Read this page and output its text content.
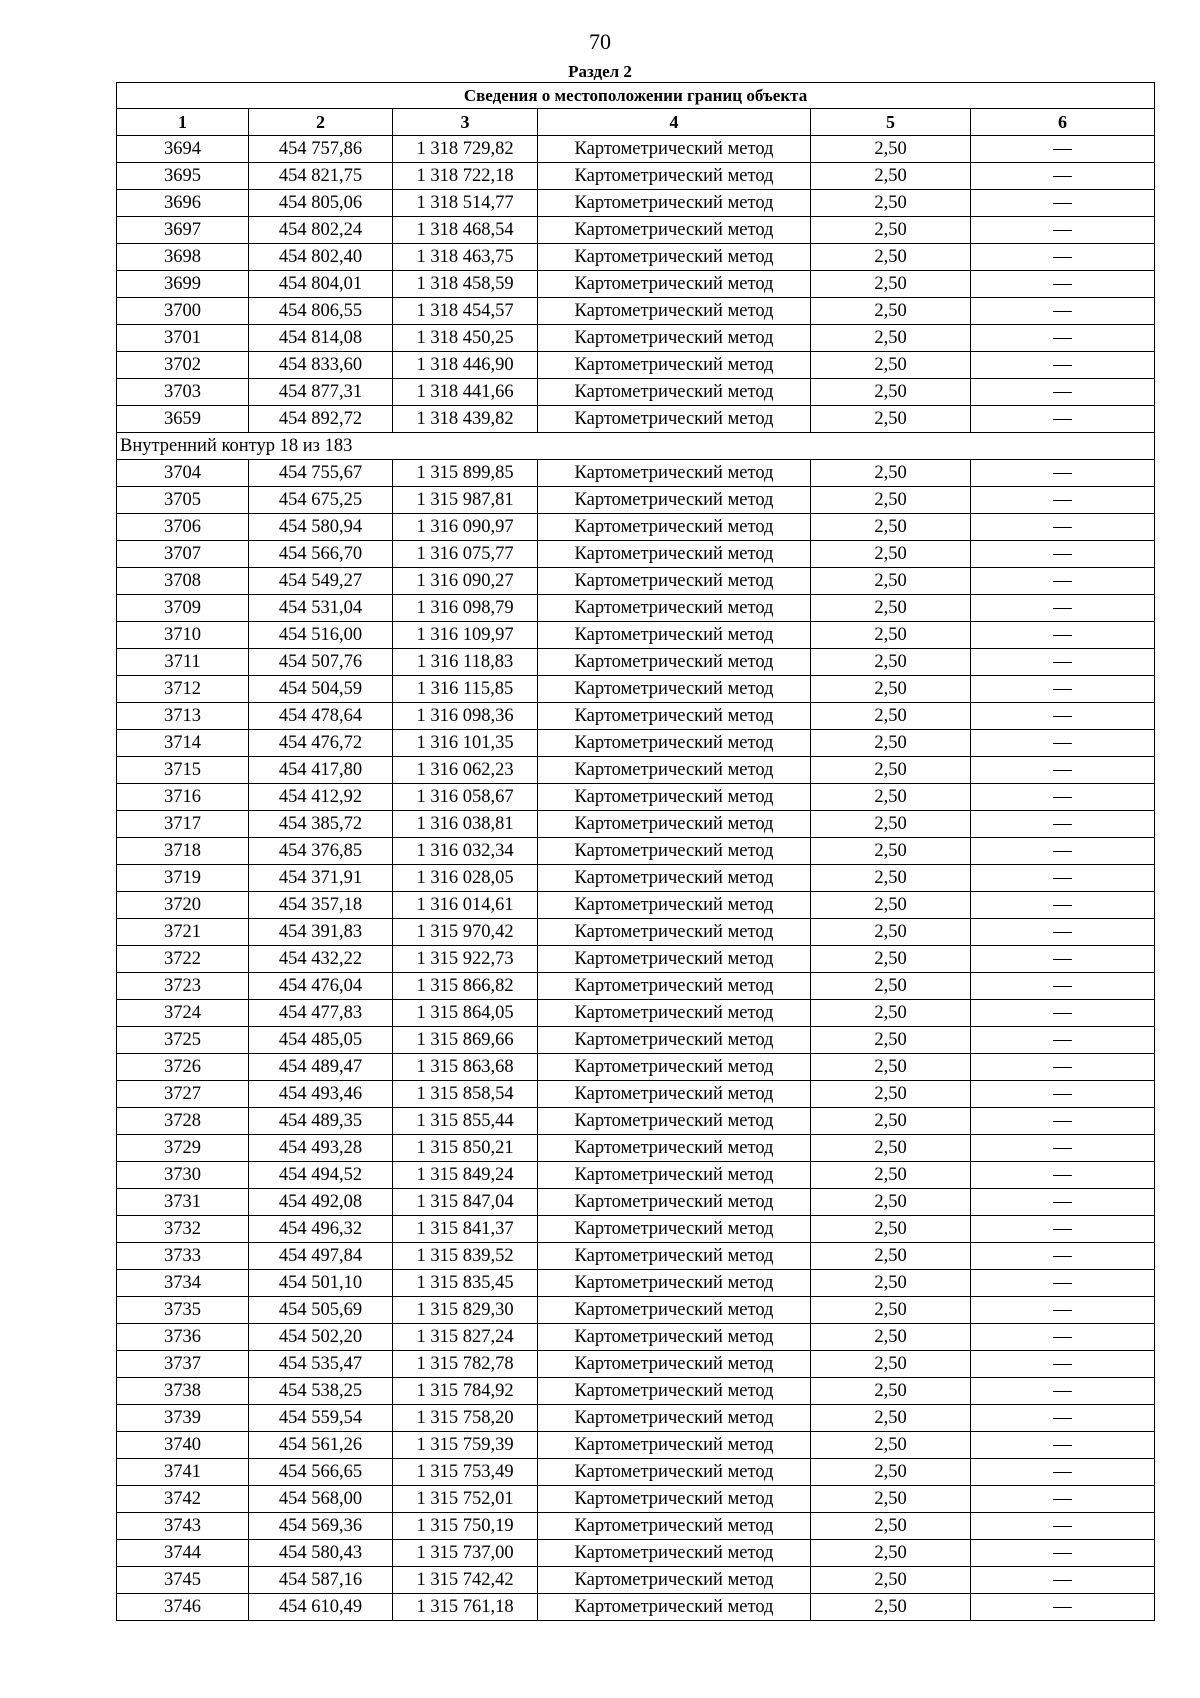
70
Раздел 2
Сведения о местоположении границ объекта					
1	2	3	4	5	6
3694	454 757,86	1 318 729,82	Картометрический метод	2,50	—
3695	454 821,75	1 318 722,18	Картометрический метод	2,50	—
3696	454 805,06	1 318 514,77	Картометрический метод	2,50	—
3697	454 802,24	1 318 468,54	Картометрический метод	2,50	—
3698	454 802,40	1 318 463,75	Картометрический метод	2,50	—
3699	454 804,01	1 318 458,59	Картометрический метод	2,50	—
3700	454 806,55	1 318 454,57	Картометрический метод	2,50	—
3701	454 814,08	1 318 450,25	Картометрический метод	2,50	—
3702	454 833,60	1 318 446,90	Картометрический метод	2,50	—
3703	454 877,31	1 318 441,66	Картометрический метод	2,50	—
3659	454 892,72	1 318 439,82	Картометрический метод	2,50	—
Внутренний контур 18 из 183					
3704	454 755,67	1 315 899,85	Картометрический метод	2,50	—
3705	454 675,25	1 315 987,81	Картометрический метод	2,50	—
3706	454 580,94	1 316 090,97	Картометрический метод	2,50	—
3707	454 566,70	1 316 075,77	Картометрический метод	2,50	—
3708	454 549,27	1 316 090,27	Картометрический метод	2,50	—
3709	454 531,04	1 316 098,79	Картометрический метод	2,50	—
3710	454 516,00	1 316 109,97	Картометрический метод	2,50	—
3711	454 507,76	1 316 118,83	Картометрический метод	2,50	—
3712	454 504,59	1 316 115,85	Картометрический метод	2,50	—
3713	454 478,64	1 316 098,36	Картометрический метод	2,50	—
3714	454 476,72	1 316 101,35	Картометрический метод	2,50	—
3715	454 417,80	1 316 062,23	Картометрический метод	2,50	—
3716	454 412,92	1 316 058,67	Картометрический метод	2,50	—
3717	454 385,72	1 316 038,81	Картометрический метод	2,50	—
3718	454 376,85	1 316 032,34	Картометрический метод	2,50	—
3719	454 371,91	1 316 028,05	Картометрический метод	2,50	—
3720	454 357,18	1 316 014,61	Картометрический метод	2,50	—
3721	454 391,83	1 315 970,42	Картометрический метод	2,50	—
3722	454 432,22	1 315 922,73	Картометрический метод	2,50	—
3723	454 476,04	1 315 866,82	Картометрический метод	2,50	—
3724	454 477,83	1 315 864,05	Картометрический метод	2,50	—
3725	454 485,05	1 315 869,66	Картометрический метод	2,50	—
3726	454 489,47	1 315 863,68	Картометрический метод	2,50	—
3727	454 493,46	1 315 858,54	Картометрический метод	2,50	—
3728	454 489,35	1 315 855,44	Картометрический метод	2,50	—
3729	454 493,28	1 315 850,21	Картометрический метод	2,50	—
3730	454 494,52	1 315 849,24	Картометрический метод	2,50	—
3731	454 492,08	1 315 847,04	Картометрический метод	2,50	—
3732	454 496,32	1 315 841,37	Картометрический метод	2,50	—
3733	454 497,84	1 315 839,52	Картометрический метод	2,50	—
3734	454 501,10	1 315 835,45	Картометрический метод	2,50	—
3735	454 505,69	1 315 829,30	Картометрический метод	2,50	—
3736	454 502,20	1 315 827,24	Картометрический метод	2,50	—
3737	454 535,47	1 315 782,78	Картометрический метод	2,50	—
3738	454 538,25	1 315 784,92	Картометрический метод	2,50	—
3739	454 559,54	1 315 758,20	Картометрический метод	2,50	—
3740	454 561,26	1 315 759,39	Картометрический метод	2,50	—
3741	454 566,65	1 315 753,49	Картометрический метод	2,50	—
3742	454 568,00	1 315 752,01	Картометрический метод	2,50	—
3743	454 569,36	1 315 750,19	Картометрический метод	2,50	—
3744	454 580,43	1 315 737,00	Картометрический метод	2,50	—
3745	454 587,16	1 315 742,42	Картометрический метод	2,50	—
3746	454 610,49	1 315 761,18	Картометрический метод	2,50	—
